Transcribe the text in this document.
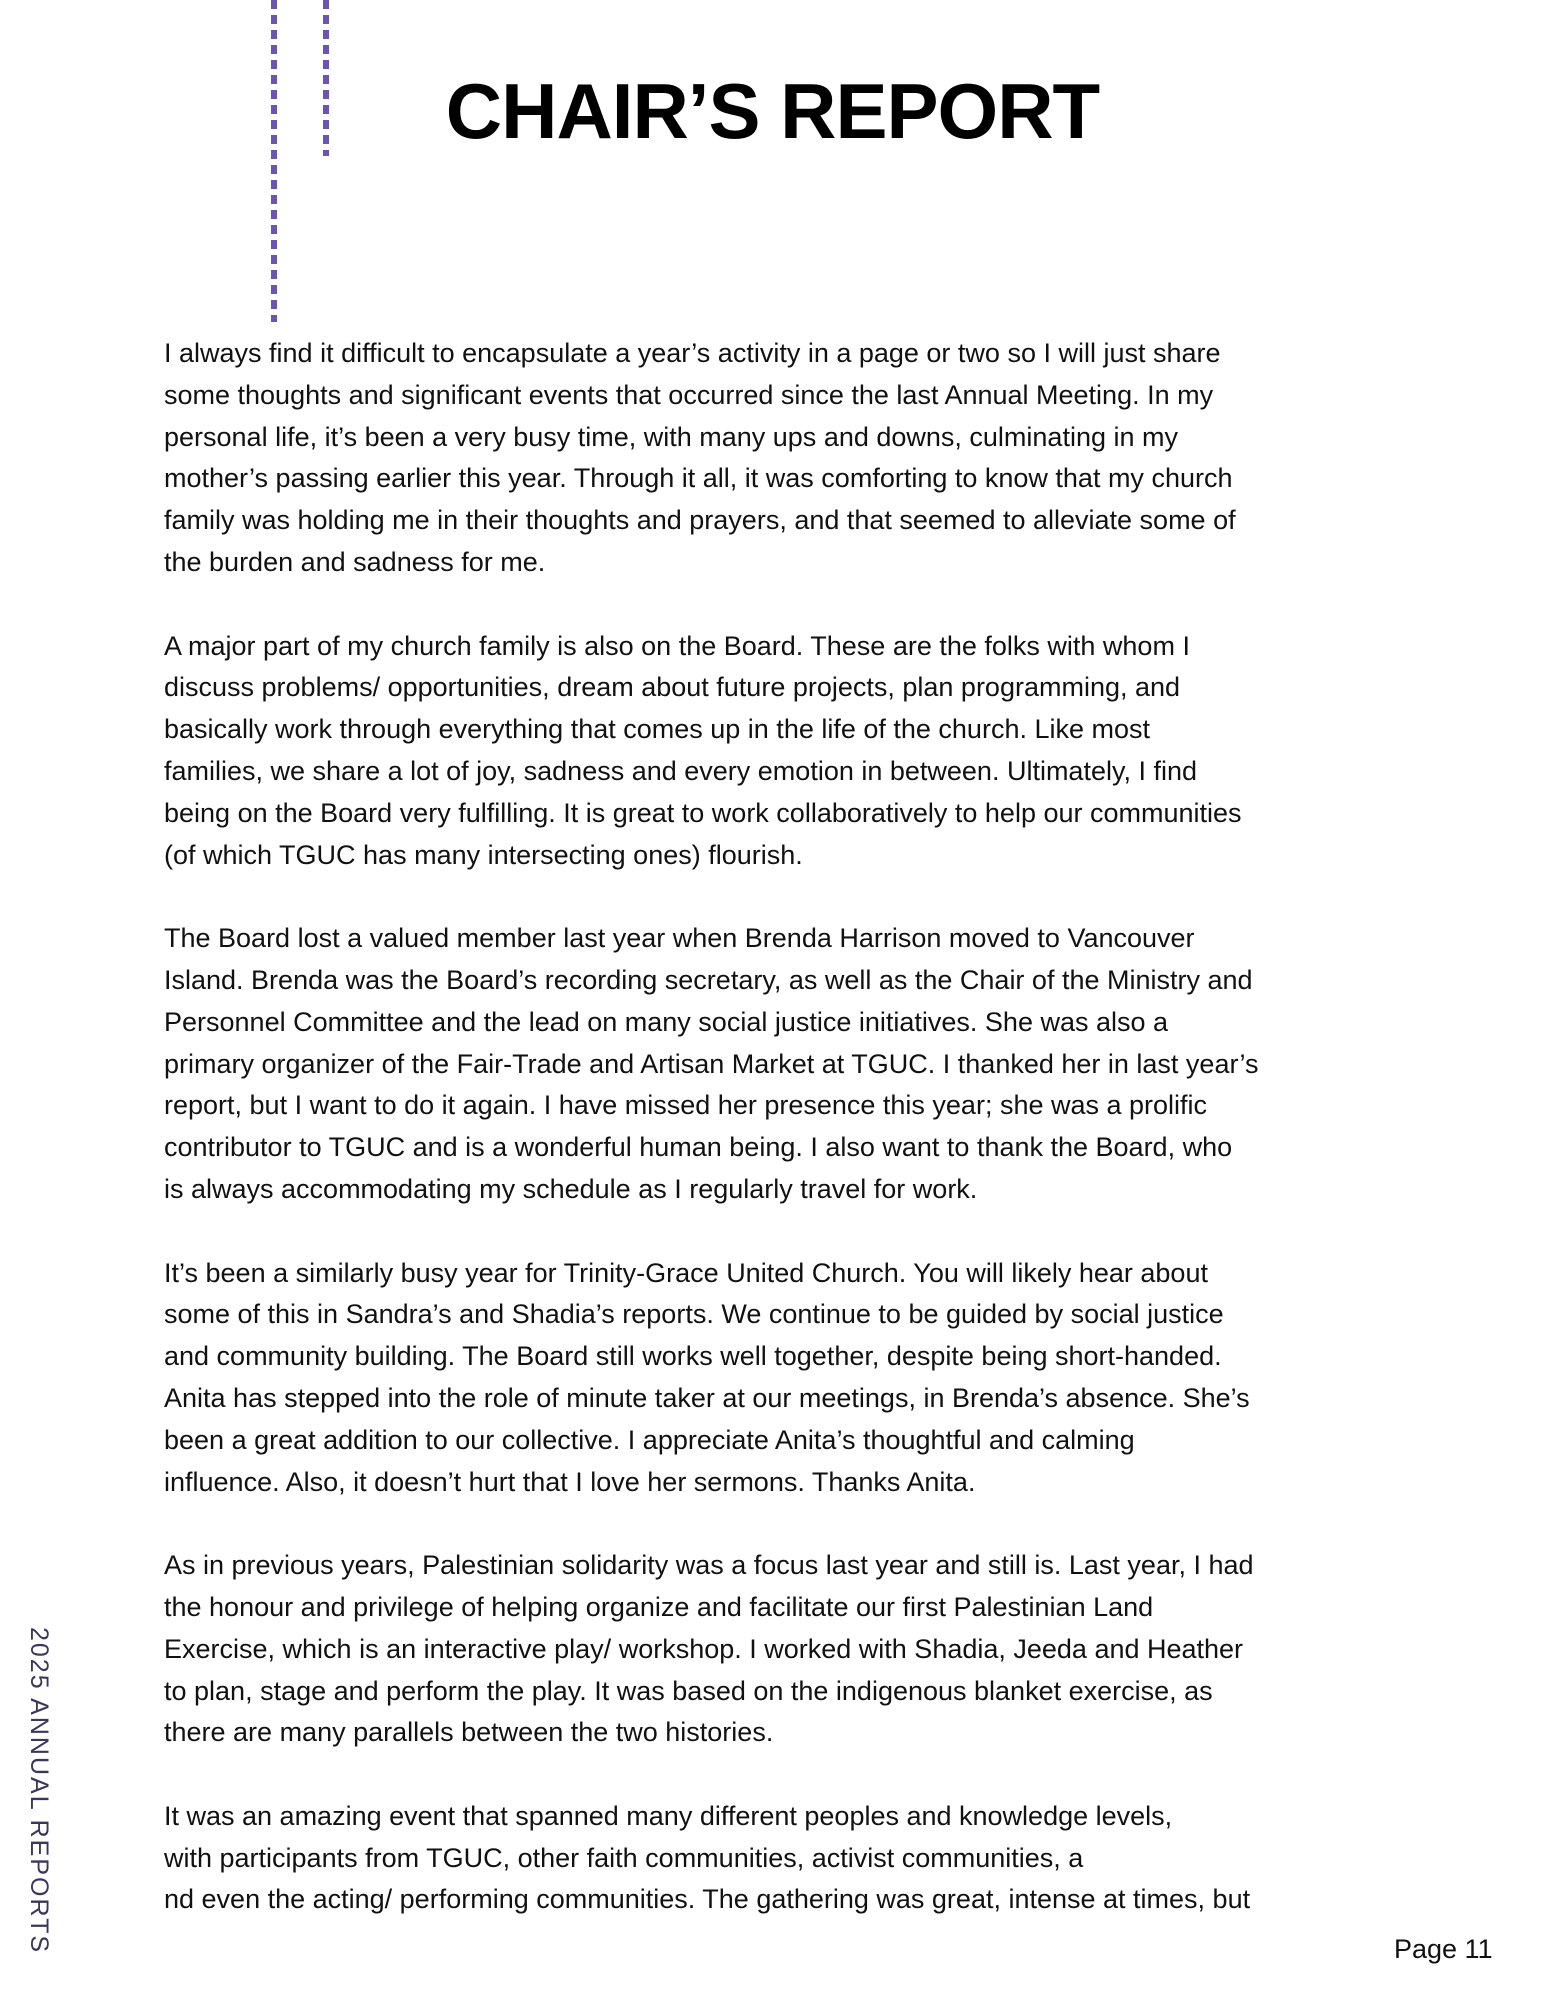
CHAIR’S REPORT

I always find it difficult to encapsulate a year’s activity in a page or two so I will just share
some thoughts and significant events that occurred since the last Annual Meeting. In my
personal life, it’s been a very busy time, with many ups and downs, culminating in my
mother’s passing earlier this year. Through it all, it was comforting to know that my church
family was holding me in their thoughts and prayers, and that seemed to alleviate some of
the burden and sadness for me.

A major part of my church family is also on the Board. These are the folks with whom I
discuss problems/ opportunities, dream about future projects, plan programming, and
basically work through everything that comes up in the life of the church. Like most
families, we share a lot of joy, sadness and every emotion in between. Ultimately, I find
being on the Board very fulfilling. It is great to work collaboratively to help our communities
(of which TGUC has many intersecting ones) flourish.

The Board lost a valued member last year when Brenda Harrison moved to Vancouver
Island. Brenda was the Board’s recording secretary, as well as the Chair of the Ministry and
Personnel Committee and the lead on many social justice initiatives. She was also a
primary organizer of the Fair-Trade and Artisan Market at TGUC. I thanked her in last year’s
report, but I want to do it again. I have missed her presence this year; she was a prolific
contributor to TGUC and is a wonderful human being. I also want to thank the Board, who
is always accommodating my schedule as I regularly travel for work.

It’s been a similarly busy year for Trinity-Grace United Church. You will likely hear about
some of this in Sandra’s and Shadia’s reports. We continue to be guided by social justice
and community building. The Board still works well together, despite being short-handed.
Anita has stepped into the role of minute taker at our meetings, in Brenda’s absence. She’s
been a great addition to our collective. I appreciate Anita’s thoughtful and calming
influence. Also, it doesn’t hurt that I love her sermons. Thanks Anita.

As in previous years, Palestinian solidarity was a focus last year and still is. Last year, I had
the honour and privilege of helping organize and facilitate our first Palestinian Land
Exercise, which is an interactive play/ workshop. I worked with Shadia, Jeeda and Heather
to plan, stage and perform the play. It was based on the indigenous blanket exercise, as
there are many parallels between the two histories.

It was an amazing event that spanned many different peoples and knowledge levels,
with participants from TGUC, other faith communities, activist communities, a
nd even the acting/ performing communities. The gathering was great, intense at times, but

2025 ANNUAL REPORTS	Page 11
